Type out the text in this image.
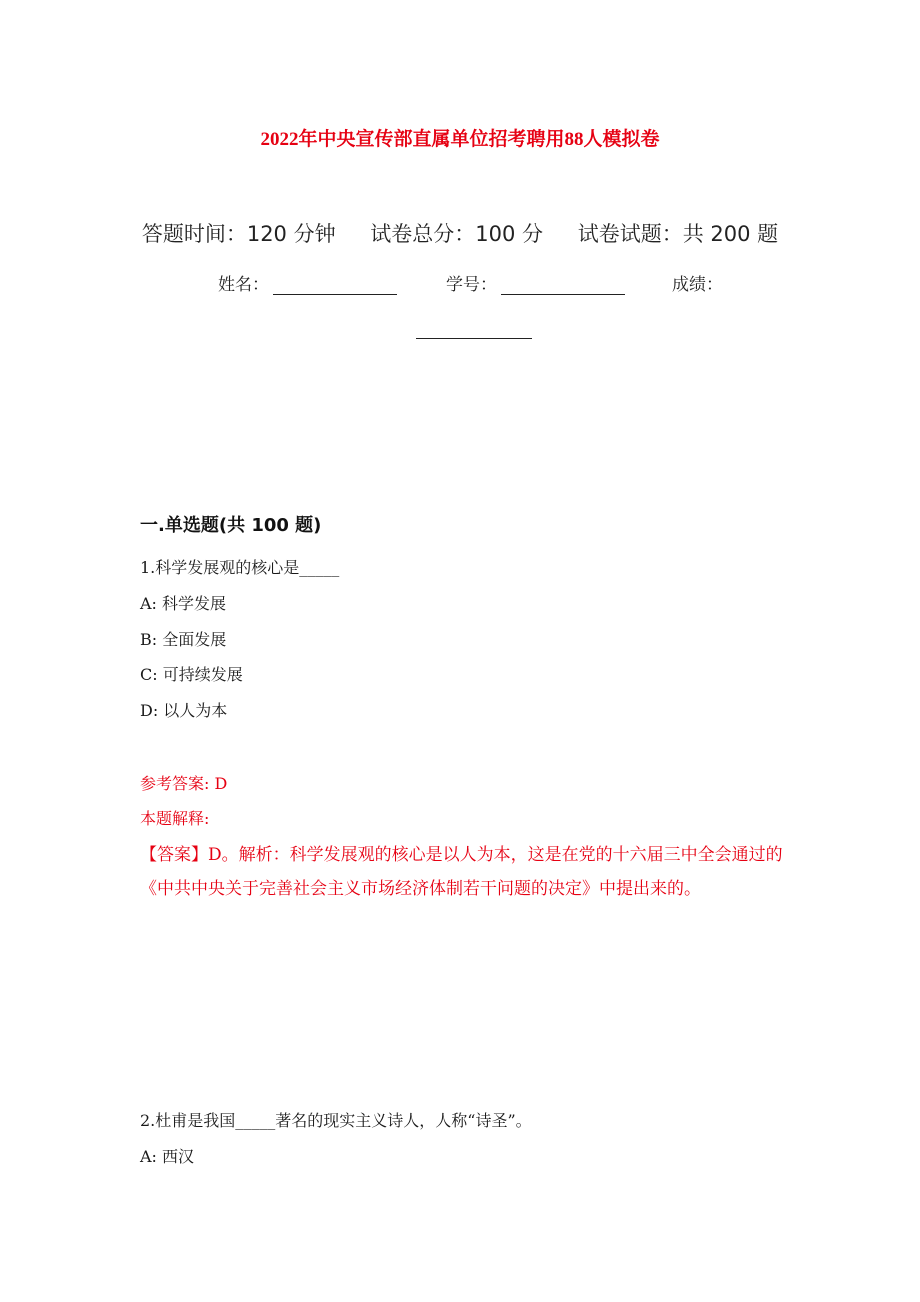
2022年中央宣传部直属单位招考聘用88人模拟卷
答题时间：120 分钟 试卷总分：100 分 试卷试题：共 200 题
姓名：	学号：	成绩：
一.单选题(共 100 题)
1.科学发展观的核心是_____
A: 科学发展
B: 全面发展
C: 可持续发展
D: 以人为本
参考答案: D
本题解释:
【答案】D。解析：科学发展观的核心是以人为本，这是在党的十六届三中全会通过的《中共中央关于完善社会主义市场经济体制若干问题的决定》中提出来的。
2.杜甫是我国_____著名的现实主义诗人，人称“诗圣”。
A: 西汉
